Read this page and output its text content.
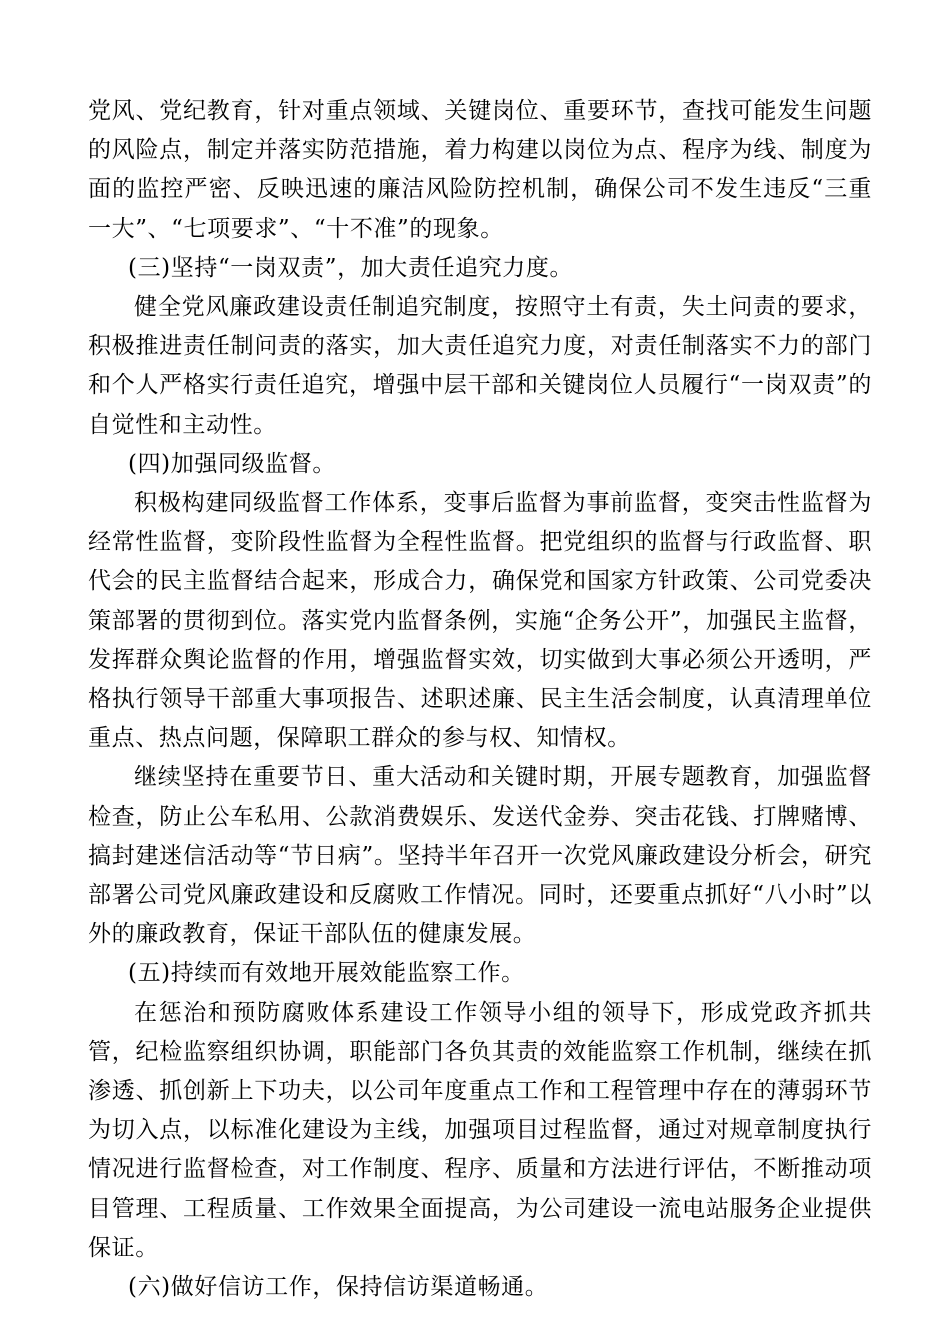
党风、党纪教育，针对重点领域、关键岗位、重要环节，查找可能发生问题的风险点，制定并落实防范措施，着力构建以岗位为点、程序为线、制度为面的监控严密、反映迅速的廉洁风险防控机制，确保公司不发生违反“三重一大”、“七项要求”、“十不准”的现象。

(三)坚持“一岗双责”，加大责任追究力度。

健全党风廉政建设责任制追究制度，按照守土有责，失土问责的要求，积极推进责任制问责的落实，加大责任追究力度，对责任制落实不力的部门和个人严格实行责任追究，增强中层干部和关键岗位人员履行“一岗双责”的自觉性和主动性。

(四)加强同级监督。

积极构建同级监督工作体系，变事后监督为事前监督，变突击性监督为经常性监督，变阶段性监督为全程性监督。把党组织的监督与行政监督、职代会的民主监督结合起来，形成合力，确保党和国家方针政策、公司党委决策部署的贯彻到位。落实党内监督条例，实施“企务公开”，加强民主监督，发挥群众舆论监督的作用，增强监督实效，切实做到大事必须公开透明，严格执行领导干部重大事项报告、述职述廉、民主生活会制度，认真清理单位重点、热点问题，保障职工群众的参与权、知情权。

继续坚持在重要节日、重大活动和关键时期，开展专题教育，加强监督检查，防止公车私用、公款消费娱乐、发送代金券、突击花钱、打牌赌博、搞封建迷信活动等“节日病”。坚持半年召开一次党风廉政建设分析会，研究部署公司党风廉政建设和反腐败工作情况。同时，还要重点抓好“八小时”以外的廉政教育，保证干部队伍的健康发展。

(五)持续而有效地开展效能监察工作。

在惩治和预防腐败体系建设工作领导小组的领导下，形成党政齐抓共管，纪检监察组织协调，职能部门各负其责的效能监察工作机制，继续在抓渗透、抓创新上下功夫，以公司年度重点工作和工程管理中存在的薄弱环节为切入点，以标准化建设为主线，加强项目过程监督，通过对规章制度执行情况进行监督检查，对工作制度、程序、质量和方法进行评估，不断推动项目管理、工程质量、工作效果全面提高，为公司建设一流电站服务企业提供保证。

(六)做好信访工作，保持信访渠道畅通。
